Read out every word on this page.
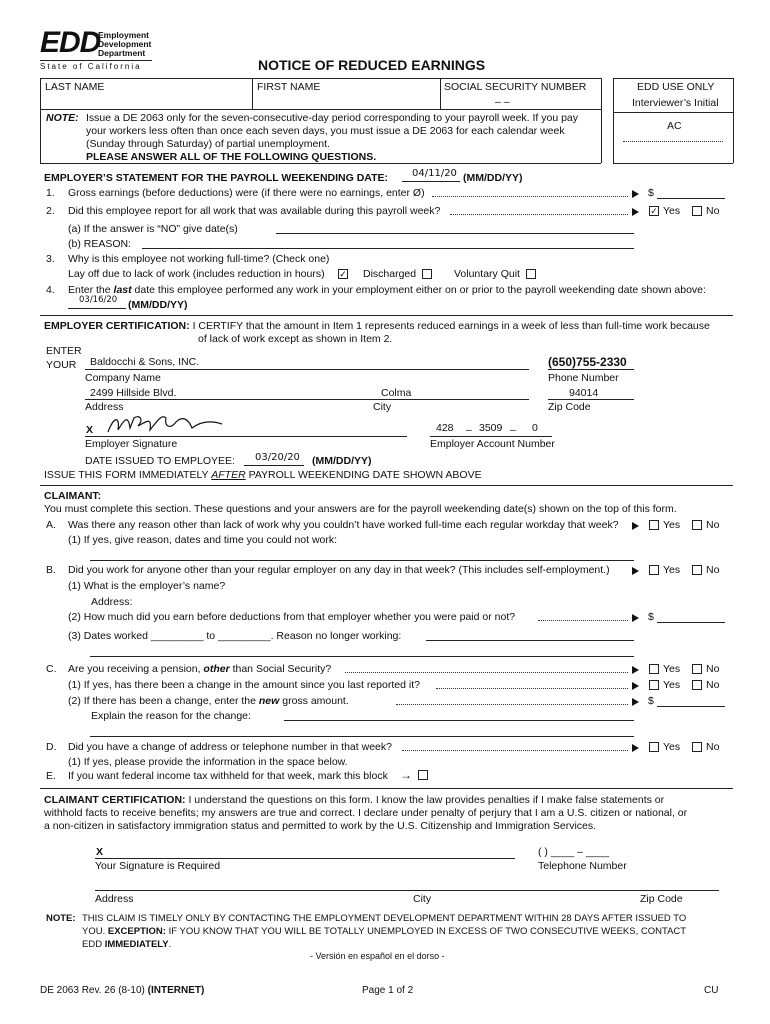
EDD
Employment
Development
Department
State of California	NOTICE OF REDUCED EARNINGS
LAST NAME	FIRST NAME	SOCIAL SECURITY NUMBER
– –
EDD USE ONLY
Interviewer’s Initial
AC
NOTE: Issue a DE 2063 only for the seven-consecutive-day period corresponding to your payroll week. If you pay
your workers less often than once each seven days, you must issue a DE 2063 for each calendar week
(Sunday through Saturday) of partial unemployment.
PLEASE ANSWER ALL OF THE FOLLOWING QUESTIONS.
EMPLOYER’S STATEMENT FOR THE PAYROLL WEEKENDING DATE: 04/11/20 (MM/DD/YY)
1. Gross earnings (before deductions) were (if there were no earnings, enter Ø)	$
2. Did this employee report for all work that was available during this payroll week?	✓ Yes No
(a) If the answer is “NO” give date(s)
(b) REASON:
3. Why is this employee not working full-time? (Check one)
Lay off due to lack of work (includes reduction in hours) ✓ Discharged	Voluntary Quit
4. Enter the last date this employee performed any work in your employment either on or prior to the payroll weekending date shown above:
03/16/20 (MM/DD/YY)
EMPLOYER CERTIFICATION: I CERTIFY that the amount in Item 1 represents reduced earnings in a week of less than full-time work because
of lack of work except as shown in Item 2.
ENTER
YOUR Baldocchi & Sons, INC.
Company Name
(650)755-2330
Phone Number
2499 Hillside Blvd.
Address
Colma
City
94014
Zip Code
X
Employer Signature
428 – 3509 – 0
Employer Account Number
DATE ISSUED TO EMPLOYEE: 03/20/20 (MM/DD/YY)
ISSUE THIS FORM IMMEDIATELY AFTER PAYROLL WEEKENDING DATE SHOWN ABOVE
CLAIMANT:
You must complete this section. These questions and your answers are for the payroll weekending date(s) shown on the top of this form.
A. Was there any reason other than lack of work why you couldn’t have worked full-time each regular workday that week?	Yes No
(1) If yes, give reason, dates and time you could not work:
B. Did you work for anyone other than your regular employer on any day in that week? (This includes self-employment.)	Yes No
(1) What is the employer’s name?
Address:
(2) How much did you earn before deductions from that employer whether you were paid or not?	$
(3) Dates worked _________ to _________. Reason no longer working:
C. Are you receiving a pension, other than Social Security?	Yes No
(1) If yes, has there been a change in the amount since you last reported it?	Yes No
(2) If there has been a change, enter the new gross amount.	$
Explain the reason for the change:
D. Did you have a change of address or telephone number in that week?	Yes No
(1) If yes, please provide the information in the space below.
E. If you want federal income tax withheld for that week, mark this block →
CLAIMANT CERTIFICATION: I understand the questions on this form. I know the law provides penalties if I make false statements or
withhold facts to receive benefits; my answers are true and correct. I declare under penalty of perjury that I am a U.S. citizen or national, or
a non-citizen in satisfactory immigration status and permitted to work by the U.S. Citizenship and Immigration Services.
X
Your Signature is Required
( ) ____ – ____
Telephone Number
Address	City	Zip Code
NOTE: THIS CLAIM IS TIMELY ONLY BY CONTACTING THE EMPLOYMENT DEVELOPMENT DEPARTMENT WITHIN 28 DAYS AFTER ISSUED TO
YOU. EXCEPTION: IF YOU KNOW THAT YOU WILL BE TOTALLY UNEMPLOYED IN EXCESS OF TWO CONSECUTIVE WEEKS, CONTACT
EDD IMMEDIATELY.
- Versión en español en el dorso -
DE 2063 Rev. 26 (8-10) (INTERNET)	Page 1 of 2	CU
